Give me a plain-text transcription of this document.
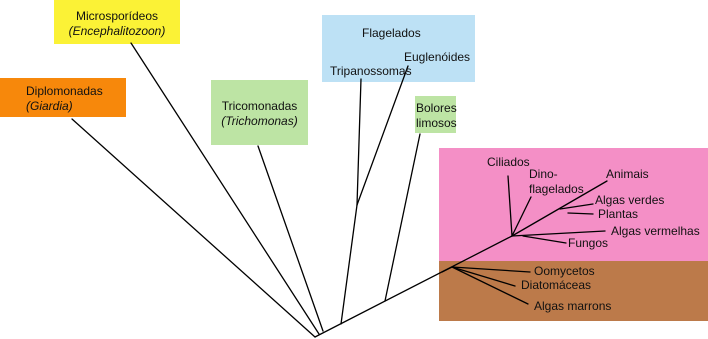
Microsporídeos
(Encephalitozoon)
Diplomonadas
(Giardia)	Tricomonadas
(Trichomonas)
Flagelados
Tripanossomas
Euglenóides
Bolores
limosos
Ciliados
Dino-
flagelados
Animais
Algas verdes
Plantas
Algas vermelhas
Fungos
Oomycetos
Diatomáceas
Algas marrons
